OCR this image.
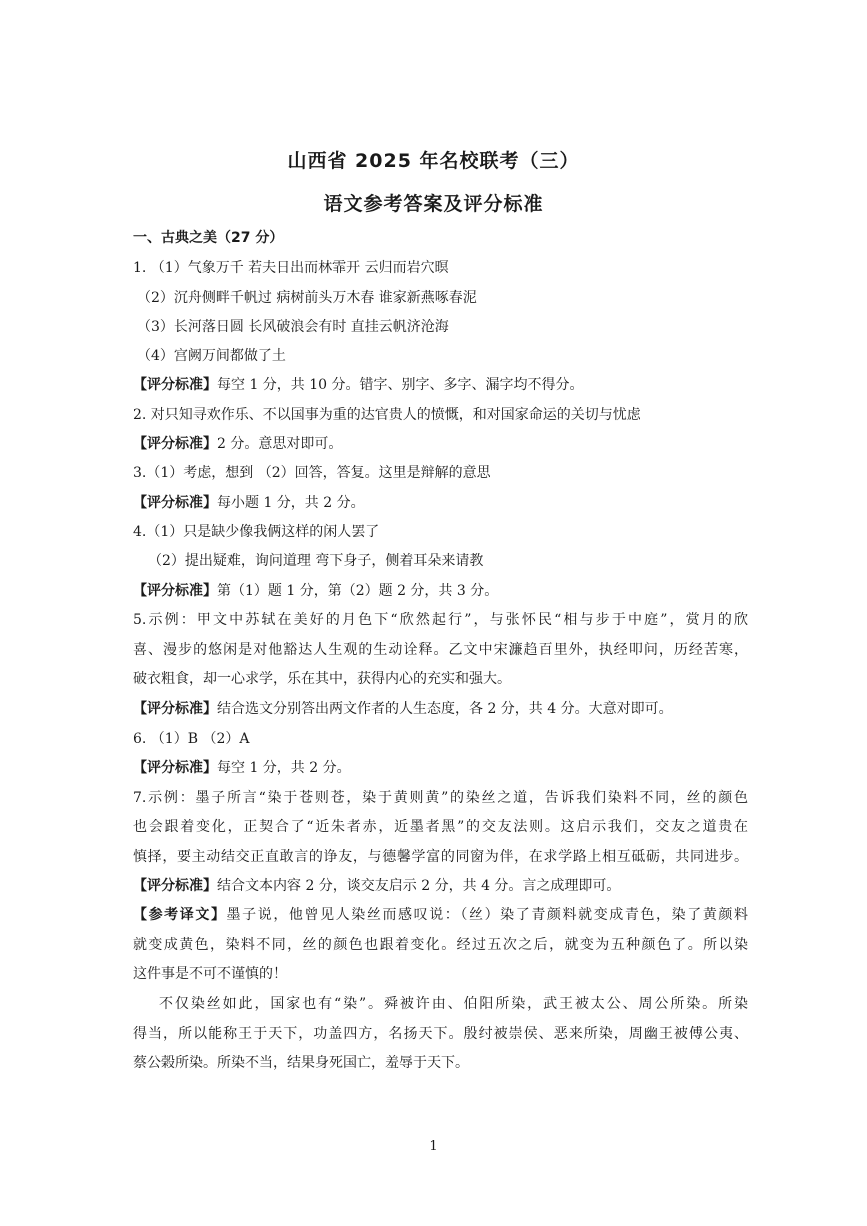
山西省 2025 年名校联考（三）
语文参考答案及评分标准
一、古典之美（27 分）
1. （1）气象万千 若夫日出而林霏开 云归而岩穴暝
（2）沉舟侧畔千帆过 病树前头万木春 谁家新燕啄春泥
（3）长河落日圆 长风破浪会有时 直挂云帆济沧海
（4）宫阙万间都做了土
【评分标准】每空 1 分，共 10 分。错字、别字、多字、漏字均不得分。
2. 对只知寻欢作乐、不以国事为重的达官贵人的愤慨，和对国家命运的关切与忧虑
【评分标准】2 分。意思对即可。
3.（1）考虑，想到 （2）回答，答复。这里是辩解的意思
【评分标准】每小题 1 分，共 2 分。
4.（1）只是缺少像我俩这样的闲人罢了
（2）提出疑难，询问道理 弯下身子，侧着耳朵来请教
【评分标准】第（1）题 1 分，第（2）题 2 分，共 3 分。
5.示例：甲文中苏轼在美好的月色下“欣然起行”，与张怀民“相与步于中庭”，赏月的欣
喜、漫步的悠闲是对他豁达人生观的生动诠释。乙文中宋濂趋百里外，执经叩问，历经苦寒，
破衣粗食，却一心求学，乐在其中，获得内心的充实和强大。
【评分标准】结合选文分别答出两文作者的人生态度，各 2 分，共 4 分。大意对即可。
6. （1）B （2）A
【评分标准】每空 1 分，共 2 分。
7.示例：墨子所言“染于苍则苍，染于黄则黄”的染丝之道，告诉我们染料不同，丝的颜色
也会跟着变化，正契合了“近朱者赤，近墨者黑”的交友法则。这启示我们，交友之道贵在
慎择，要主动结交正直敢言的诤友，与德馨学富的同窗为伴，在求学路上相互砥砺，共同进步。
【评分标准】结合文本内容 2 分，谈交友启示 2 分，共 4 分。言之成理即可。
【参考译文】墨子说，他曾见人染丝而感叹说：（丝）染了青颜料就变成青色，染了黄颜料
就变成黄色，染料不同，丝的颜色也跟着变化。经过五次之后，就变为五种颜色了。所以染
这件事是不可不谨慎的！
不仅染丝如此，国家也有“染”。舜被许由、伯阳所染，武王被太公、周公所染。所染
得当，所以能称王于天下，功盖四方，名扬天下。殷纣被崇侯、恶来所染，周幽王被傅公夷、
蔡公榖所染。所染不当，结果身死国亡，羞辱于天下。
1
